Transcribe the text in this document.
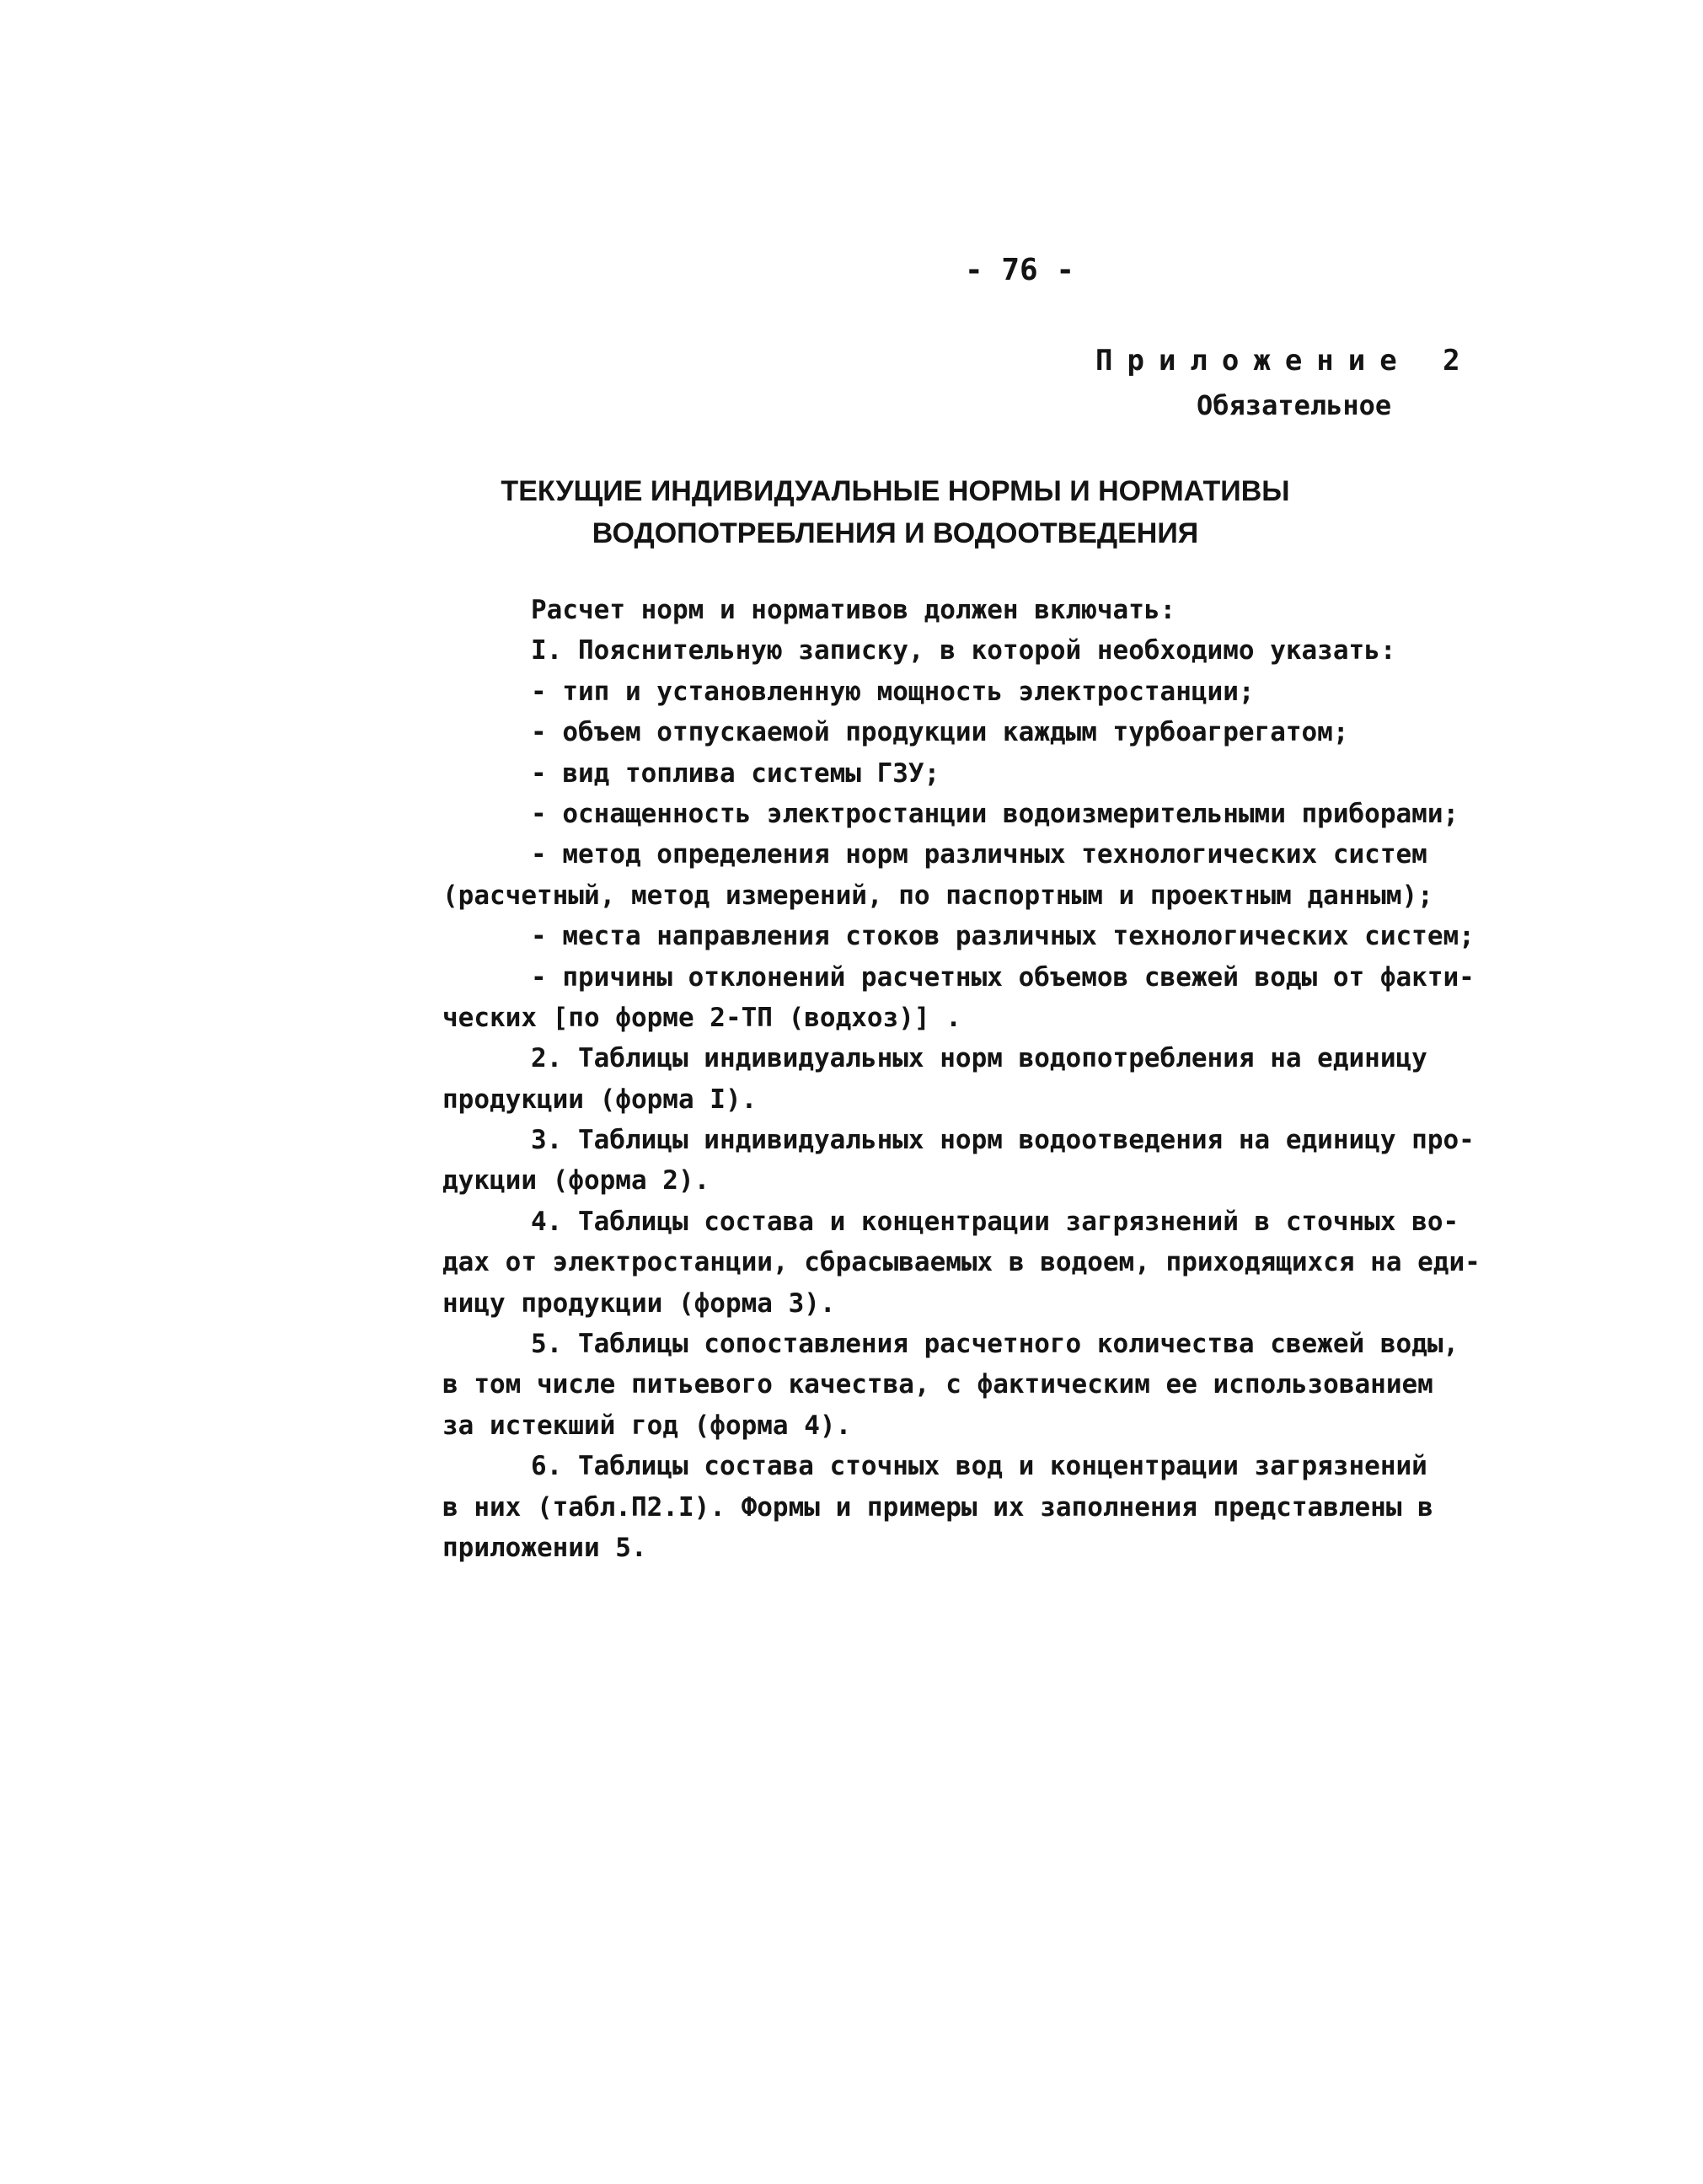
- 76 -
Приложение 2
Обязательное
ТЕКУЩИЕ ИНДИВИДУАЛЬНЫЕ НОРМЫ И НОРМАТИВЫ
ВОДОПОТРЕБЛЕНИЯ И ВОДООТВЕДЕНИЯ
Расчет норм и нормативов должен включать:
I. Пояснительную записку, в которой необходимо указать:
- тип и установленную мощность электростанции;
- объем отпускаемой продукции каждым турбоагрегатом;
- вид топлива системы ГЗУ;
- оснащенность электростанции водоизмерительными приборами;
- метод определения норм различных технологических систем
(расчетный, метод измерений, по паспортным и проектным данным);
- места направления стоков различных технологических систем;
- причины отклонений расчетных объемов свежей воды от факти-
ческих [по форме 2-ТП (водхоз)] .
2. Таблицы индивидуальных норм водопотребления на единицу
продукции (форма I).
3. Таблицы индивидуальных норм водоотведения на единицу про-
дукции (форма 2).
4. Таблицы состава и концентрации загрязнений в сточных во-
дах от электростанции, сбрасываемых в водоем, приходящихся на еди-
ницу продукции (форма 3).
5. Таблицы сопоставления расчетного количества свежей воды,
в том числе питьевого качества, с фактическим ее использованием
за истекший год (форма 4).
6. Таблицы состава сточных вод и концентрации загрязнений
в них (табл.П2.I). Формы и примеры их заполнения представлены в
приложении 5.
